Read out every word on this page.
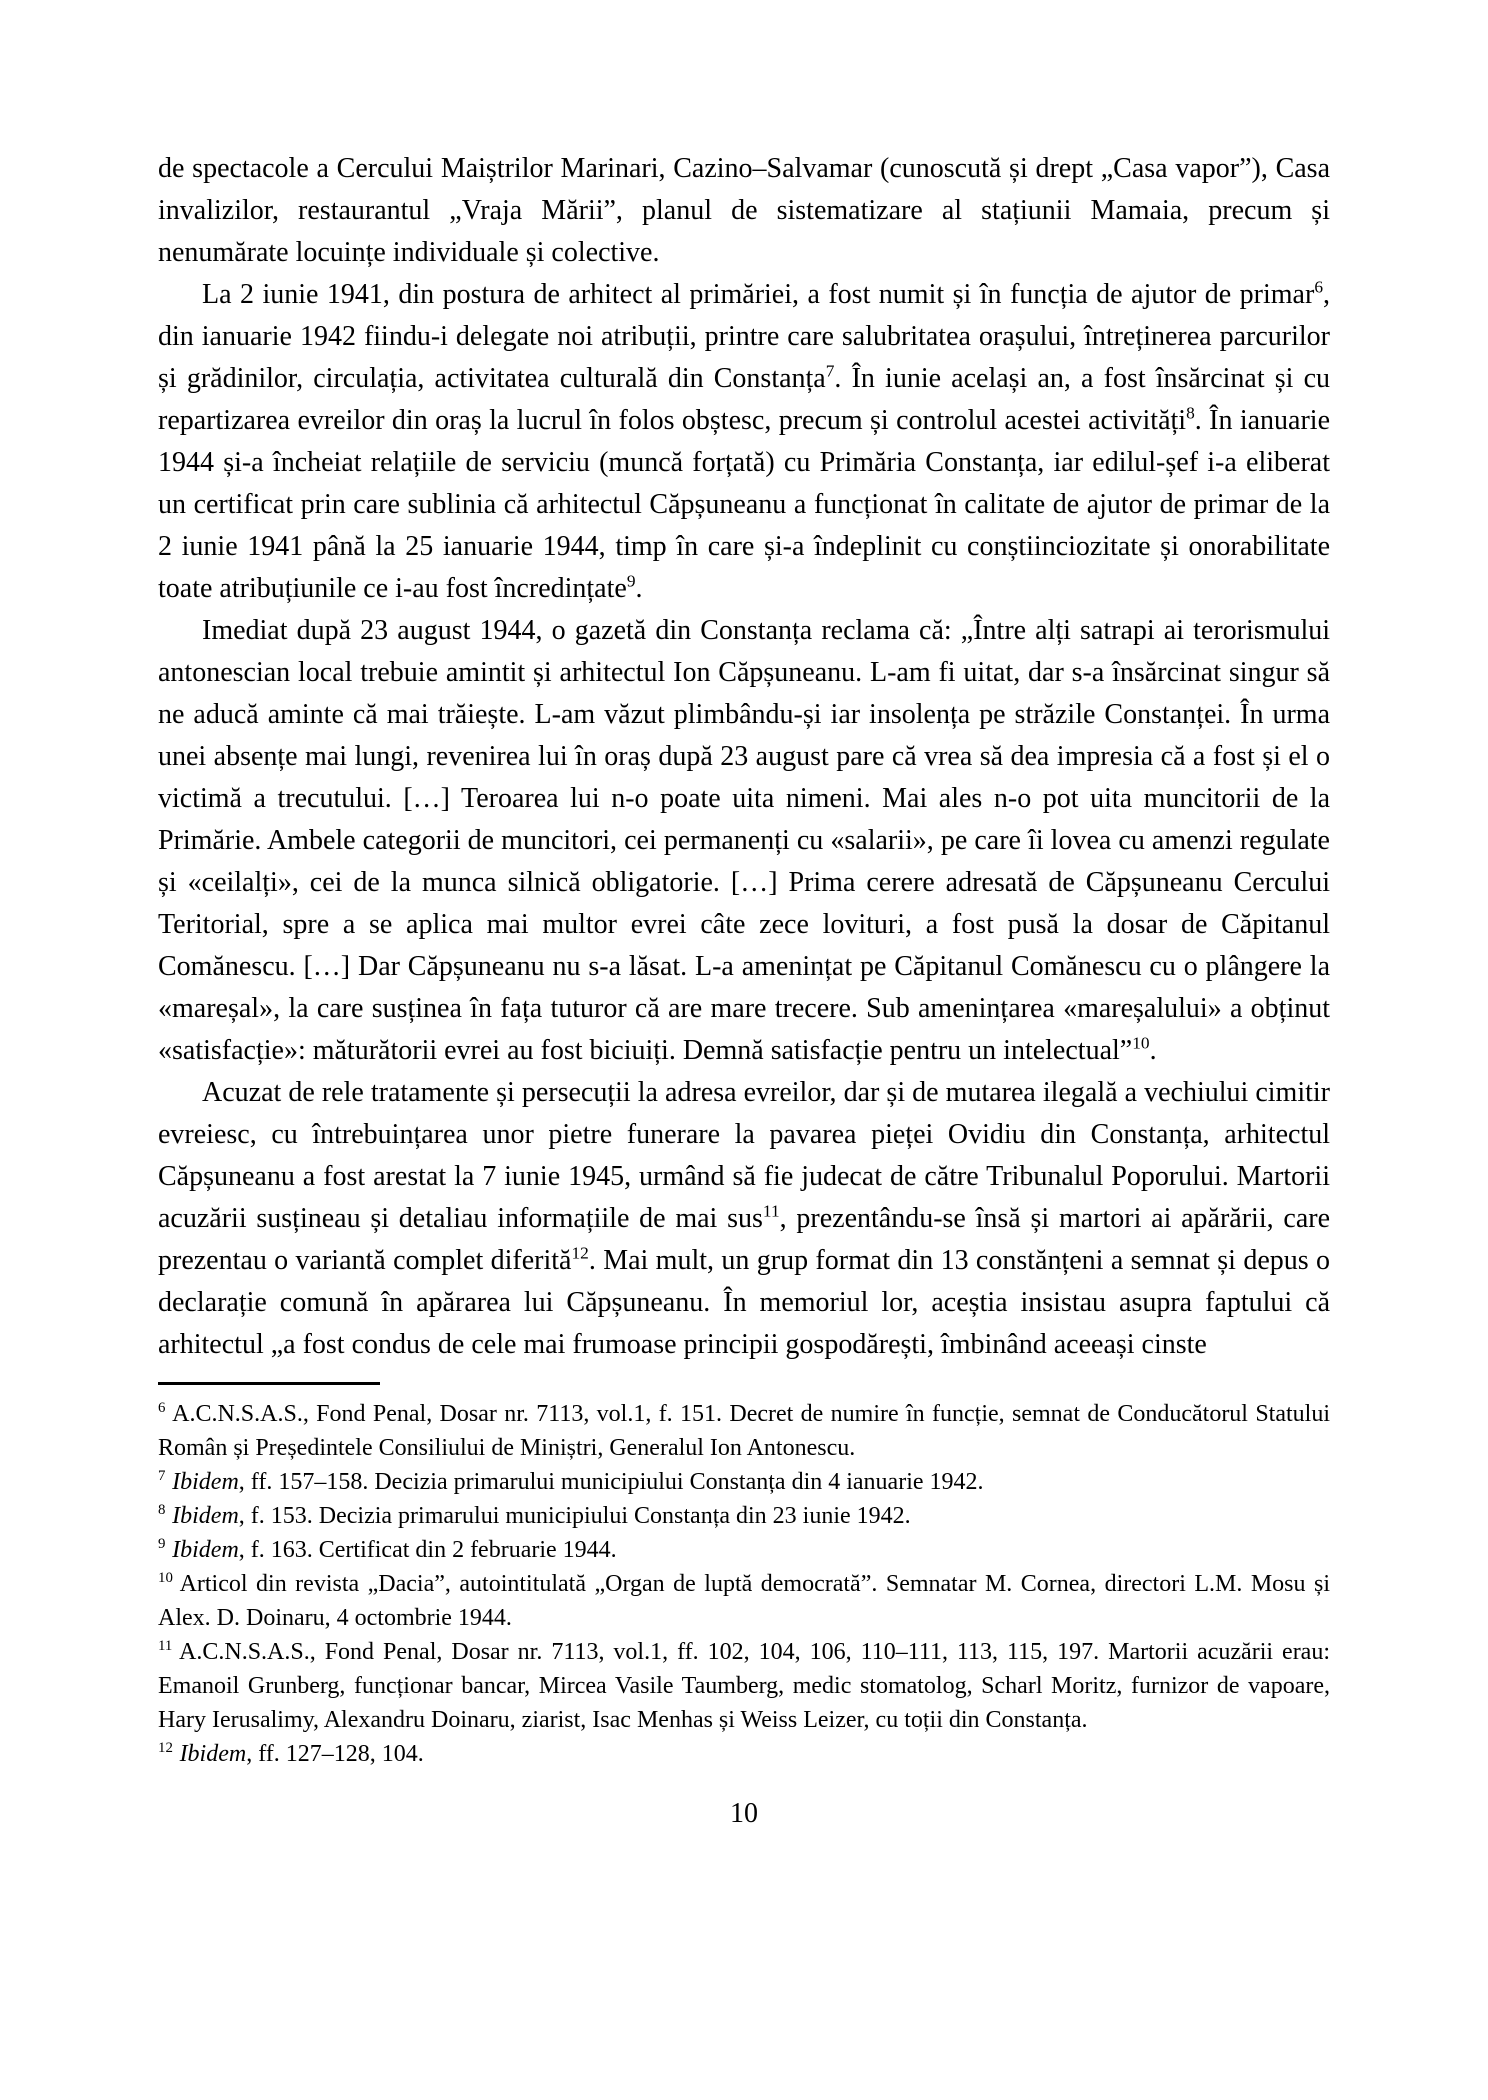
de spectacole a Cercului Maiștrilor Marinari, Cazino–Salvamar (cunoscută și drept „Casa vapor”), Casa invalizilor, restaurantul „Vraja Mării”, planul de sistematizare al stațiunii Mamaia, precum și nenumărate locuințe individuale și colective.

La 2 iunie 1941, din postura de arhitect al primăriei, a fost numit și în funcția de ajutor de primar$^6$, din ianuarie 1942 fiindu-i delegate noi atribuții, printre care salubritatea orașului, întreținerea parcurilor și grădinilor, circulația, activitatea culturală din Constanța$^7$. În iunie același an, a fost însărcinat și cu repartizarea evreilor din oraș la lucrul în folos obștesc, precum și controlul acestei activități$^8$. În ianuarie 1944 și-a încheiat relațiile de serviciu (muncă forțată) cu Primăria Constanța, iar edilul-șef i-a eliberat un certificat prin care sublinia că arhitectul Căpșuneanu a funcționat în calitate de ajutor de primar de la 2 iunie 1941 până la 25 ianuarie 1944, timp în care și-a îndeplinit cu conștiinciozitate și onorabilitate toate atribuțiunile ce i-au fost încredințate$^9$.

Imediat după 23 august 1944, o gazetă din Constanța reclama că: „Între alți satrapi ai terorismului antonescian local trebuie amintit și arhitectul Ion Căpșuneanu. L-am fi uitat, dar s-a însărcinat singur să ne aducă aminte că mai trăiește. L-am văzut plimbându-și iar insolența pe străzile Constanței. În urma unei absențe mai lungi, revenirea lui în oraș după 23 august pare că vrea să dea impresia că a fost și el o victimă a trecutului. […] Teroarea lui n-o poate uita nimeni. Mai ales n-o pot uita muncitorii de la Primărie. Ambele categorii de muncitori, cei permanenți cu «salarii», pe care îi lovea cu amenzi regulate și «ceilalți», cei de la munca silnică obligatorie. […] Prima cerere adresată de Căpșuneanu Cercului Teritorial, spre a se aplica mai multor evrei câte zece lovituri, a fost pusă la dosar de Căpitanul Comănescu. […] Dar Căpșuneanu nu s-a lăsat. L-a amenințat pe Căpitanul Comănescu cu o plângere la «mareșal», la care susținea în fața tuturor că are mare trecere. Sub amenințarea «mareșalului» a obținut «satisfacție»: măturătorii evrei au fost biciuiți. Demnă satisfacție pentru un intelectual”$^{10}$.

Acuzat de rele tratamente și persecuții la adresa evreilor, dar și de mutarea ilegală a vechiului cimitir evreiesc, cu întrebuințarea unor pietre funerare la pavarea pieței Ovidiu din Constanța, arhitectul Căpșuneanu a fost arestat la 7 iunie 1945, urmând să fie judecat de către Tribunalul Poporului. Martorii acuzării susțineau și detaliau informațiile de mai sus$^{11}$, prezentându-se însă și martori ai apărării, care prezentau o variantă complet diferită$^{12}$. Mai mult, un grup format din 13 constănțeni a semnat și depus o declarație comună în apărarea lui Căpșuneanu. În memoriul lor, aceștia insistau asupra faptului că arhitectul „a fost condus de cele mai frumoase principii gospodărești, îmbinând aceeași cinste

$^6$ A.C.N.S.A.S., Fond Penal, Dosar nr. 7113, vol.1, f. 151. Decret de numire în funcție, semnat de Conducătorul Statului Român și Președintele Consiliului de Miniștri, Generalul Ion Antonescu.

$^7$ Ibidem, ff. 157–158. Decizia primarului municipiului Constanța din 4 ianuarie 1942.

$^8$ Ibidem, f. 153. Decizia primarului municipiului Constanța din 23 iunie 1942.

$^9$ Ibidem, f. 163. Certificat din 2 februarie 1944.

$^{10}$ Articol din revista „Dacia”, autointitulată „Organ de luptă democrată”. Semnatar M. Cornea, directori L.M. Mosu și Alex. D. Doinaru, 4 octombrie 1944.

$^{11}$ A.C.N.S.A.S., Fond Penal, Dosar nr. 7113, vol.1, ff. 102, 104, 106, 110–111, 113, 115, 197. Martorii acuzării erau: Emanoil Grunberg, funcționar bancar, Mircea Vasile Taumberg, medic stomatolog, Scharl Moritz, furnizor de vapoare, Hary Ierusalimy, Alexandru Doinaru, ziarist, Isac Menhas și Weiss Leizer, cu toții din Constanța.

$^{12}$ Ibidem, ff. 127–128, 104.

10
